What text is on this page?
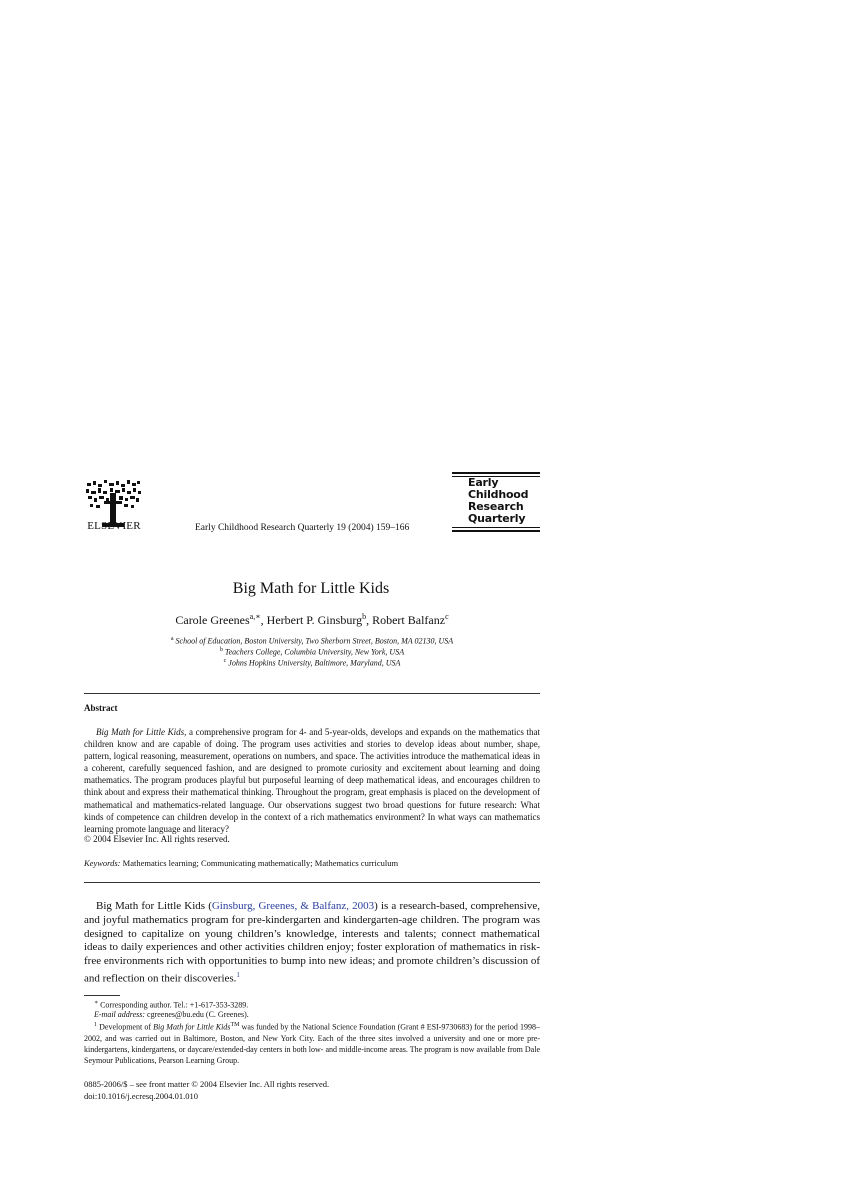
ELSEVIER	Early Childhood Research Quarterly 19 (2004) 159–166
Early
Childhood
Research
Quarterly
Big Math for Little Kids
Carole Greenes$^{a,∗}$, Herbert P. Ginsburg$^b$, Robert Balfanz$^c$
$^a$ School of Education, Boston University, Two Sherborn Street, Boston, MA 02130, USA
$^b$ Teachers College, Columbia University, New York, USA
$^c$ Johns Hopkins University, Baltimore, Maryland, USA
Abstract
Big Math for Little Kids, a comprehensive program for 4- and 5-year-olds, develops and expands on the mathematics that children know and are capable of doing. The program uses activities and stories to develop ideas about number, shape, pattern, logical reasoning, measurement, operations on numbers, and space. The activities introduce the mathematical ideas in a coherent, carefully sequenced fashion, and are designed to promote curiosity and excitement about learning and doing mathematics. The program produces playful but purposeful learning of deep mathematical ideas, and encourages children to think about and express their mathematical thinking. Throughout the program, great emphasis is placed on the development of mathematical and mathematics-related language. Our observations suggest two broad questions for future research: What kinds of competence can children develop in the context of a rich mathematics environment? In what ways can mathematics learning promote language and literacy?
© 2004 Elsevier Inc. All rights reserved.
Keywords: Mathematics learning; Communicating mathematically; Mathematics curriculum
Big Math for Little Kids (Ginsburg, Greenes, & Balfanz, 2003) is a research-based, comprehensive, and joyful mathematics program for pre-kindergarten and kindergarten-age children. The program was designed to capitalize on young children’s knowledge, interests and talents; connect mathematical ideas to daily experiences and other activities children enjoy; foster exploration of mathematics in risk-free environments rich with opportunities to bump into new ideas; and promote children’s discussion of and reflection on their discoveries.$^1$
∗ Corresponding author. Tel.: +1-617-353-3289.
E-mail address: cgreenes@bu.edu (C. Greenes).
$^1$ Development of Big Math for Little Kids™ was funded by the National Science Foundation (Grant # ESI-9730683) for the period 1998–2002, and was carried out in Baltimore, Boston, and New York City. Each of the three sites involved a university and one or more pre-kindergartens, kindergartens, or daycare/extended-day centers in both low- and middle-income areas. The program is now available from Dale Seymour Publications, Pearson Learning Group.
0885-2006/$ – see front matter © 2004 Elsevier Inc. All rights reserved.
doi:10.1016/j.ecresq.2004.01.010
